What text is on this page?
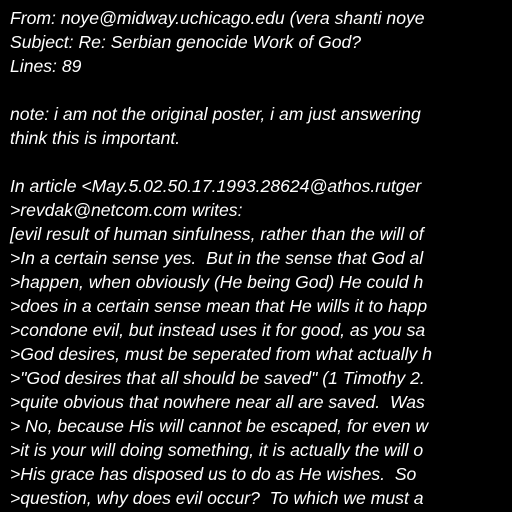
From: noye@midway.uchicago.edu (vera shanti noye
Subject: Re: Serbian genocide Work of God?
Lines: 89
note: i am not the original poster, i am just answering
think this is important.
In article <May.5.02.50.17.1993.28624@athos.rutger
>revdak@netcom.com writes:
[evil result of human sinfulness, rather than the will of
>In a certain sense yes.  But in the sense that God al
>happen, when obviously (He being God) He could h
>does in a certain sense mean that He wills it to happ
>condone evil, but instead uses it for good, as you sa
>God desires, must be seperated from what actually h
>"God desires that all should be saved" (1 Timothy 2.
>quite obvious that nowhere near all are saved.  Was
> No, because His will cannot be escaped, for even w
>it is your will doing something, it is actually the will o
>His grace has disposed us to do as He wishes.  So
>question, why does evil occur?  To which we must a
